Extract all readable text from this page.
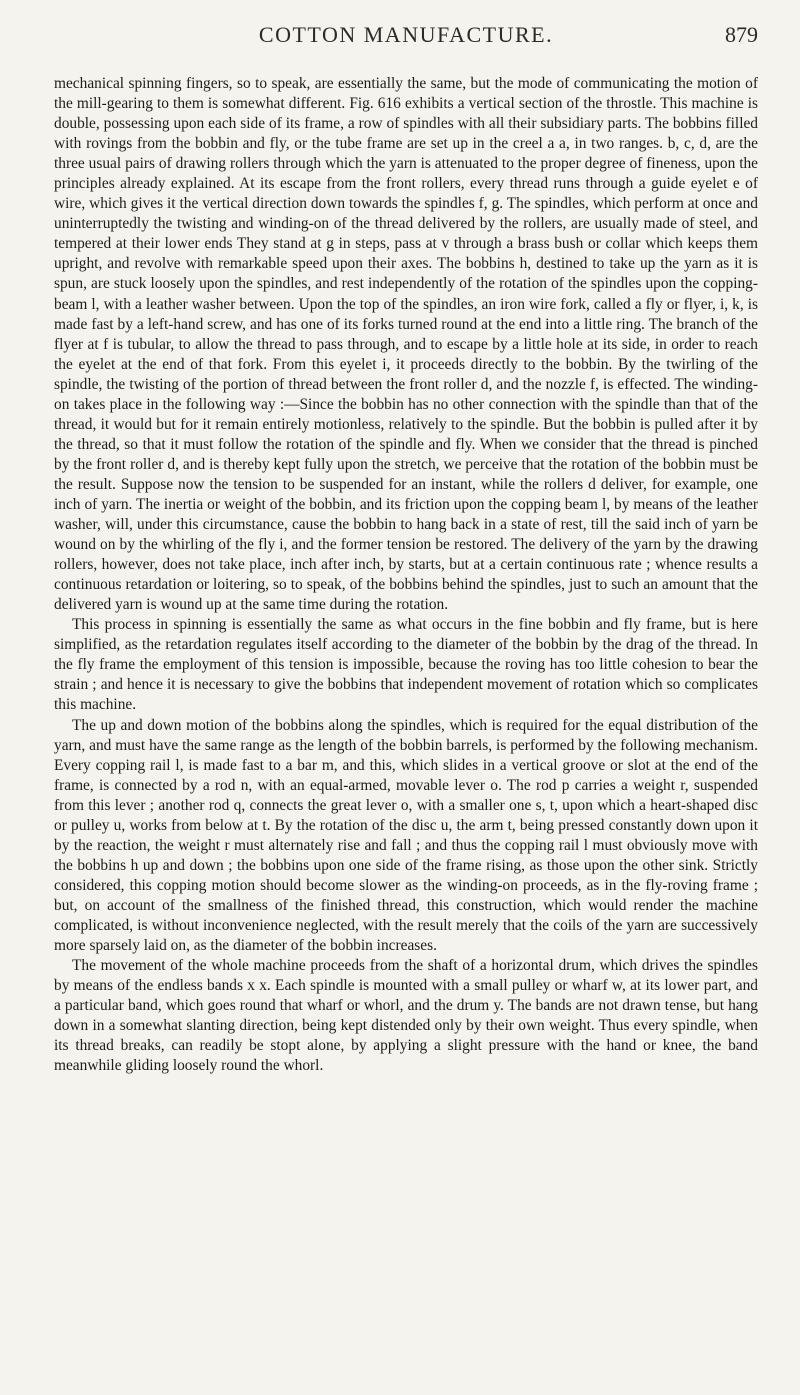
COTTON MANUFACTURE.	879

mechanical spinning fingers, so to speak, are essentially the same, but the mode of communicating the motion of the mill-gearing to them is somewhat different. Fig. 616 exhibits a vertical section of the throstle. This machine is double, possessing upon each side of its frame, a row of spindles with all their subsidiary parts. The bobbins filled with rovings from the bobbin and fly, or the tube frame are set up in the creel a a, in two ranges. b, c, d, are the three usual pairs of drawing rollers through which the yarn is attenuated to the proper degree of fineness, upon the principles already explained. At its escape from the front rollers, every thread runs through a guide eyelet e of wire, which gives it the vertical direction down towards the spindles f, g. The spindles, which perform at once and uninterruptedly the twisting and winding-on of the thread delivered by the rollers, are usually made of steel, and tempered at their lower ends They stand at g in steps, pass at v through a brass bush or collar which keeps them upright, and revolve with remarkable speed upon their axes. The bobbins h, destined to take up the yarn as it is spun, are stuck loosely upon the spindles, and rest independently of the rotation of the spindles upon the copping-beam l, with a leather washer between. Upon the top of the spindles, an iron wire fork, called a fly or flyer, i, k, is made fast by a left-hand screw, and has one of its forks turned round at the end into a little ring. The branch of the flyer at f is tubular, to allow the thread to pass through, and to escape by a little hole at its side, in order to reach the eyelet at the end of that fork. From this eyelet i, it proceeds directly to the bobbin. By the twirling of the spindle, the twisting of the portion of thread between the front roller d, and the nozzle f, is effected. The winding-on takes place in the following way :—Since the bobbin has no other connection with the spindle than that of the thread, it would but for it remain entirely motionless, relatively to the spindle. But the bobbin is pulled after it by the thread, so that it must follow the rotation of the spindle and fly. When we consider that the thread is pinched by the front roller d, and is thereby kept fully upon the stretch, we perceive that the rotation of the bobbin must be the result. Suppose now the tension to be suspended for an instant, while the rollers d deliver, for example, one inch of yarn. The inertia or weight of the bobbin, and its friction upon the copping beam l, by means of the leather washer, will, under this circumstance, cause the bobbin to hang back in a state of rest, till the said inch of yarn be wound on by the whirling of the fly i, and the former tension be restored. The delivery of the yarn by the drawing rollers, however, does not take place, inch after inch, by starts, but at a certain continuous rate ; whence results a continuous retardation or loitering, so to speak, of the bobbins behind the spindles, just to such an amount that the delivered yarn is wound up at the same time during the rotation.

This process in spinning is essentially the same as what occurs in the fine bobbin and fly frame, but is here simplified, as the retardation regulates itself according to the diameter of the bobbin by the drag of the thread. In the fly frame the employment of this tension is impossible, because the roving has too little cohesion to bear the strain ; and hence it is necessary to give the bobbins that independent movement of rotation which so complicates this machine.

The up and down motion of the bobbins along the spindles, which is required for the equal distribution of the yarn, and must have the same range as the length of the bobbin barrels, is performed by the following mechanism. Every copping rail l, is made fast to a bar m, and this, which slides in a vertical groove or slot at the end of the frame, is connected by a rod n, with an equal-armed, movable lever o. The rod p carries a weight r, suspended from this lever ; another rod q, connects the great lever o, with a smaller one s, t, upon which a heart-shaped disc or pulley u, works from below at t. By the rotation of the disc u, the arm t, being pressed constantly down upon it by the reaction, the weight r must alternately rise and fall ; and thus the copping rail l must obviously move with the bobbins h up and down ; the bobbins upon one side of the frame rising, as those upon the other sink. Strictly considered, this copping motion should become slower as the winding-on proceeds, as in the fly-roving frame ; but, on account of the smallness of the finished thread, this construction, which would render the machine complicated, is without inconvenience neglected, with the result merely that the coils of the yarn are successively more sparsely laid on, as the diameter of the bobbin increases.

The movement of the whole machine proceeds from the shaft of a horizontal drum, which drives the spindles by means of the endless bands x x. Each spindle is mounted with a small pulley or wharf w, at its lower part, and a particular band, which goes round that wharf or whorl, and the drum y. The bands are not drawn tense, but hang down in a somewhat slanting direction, being kept distended only by their own weight. Thus every spindle, when its thread breaks, can readily be stopt alone, by applying a slight pressure with the hand or knee, the band meanwhile gliding loosely round the whorl.
